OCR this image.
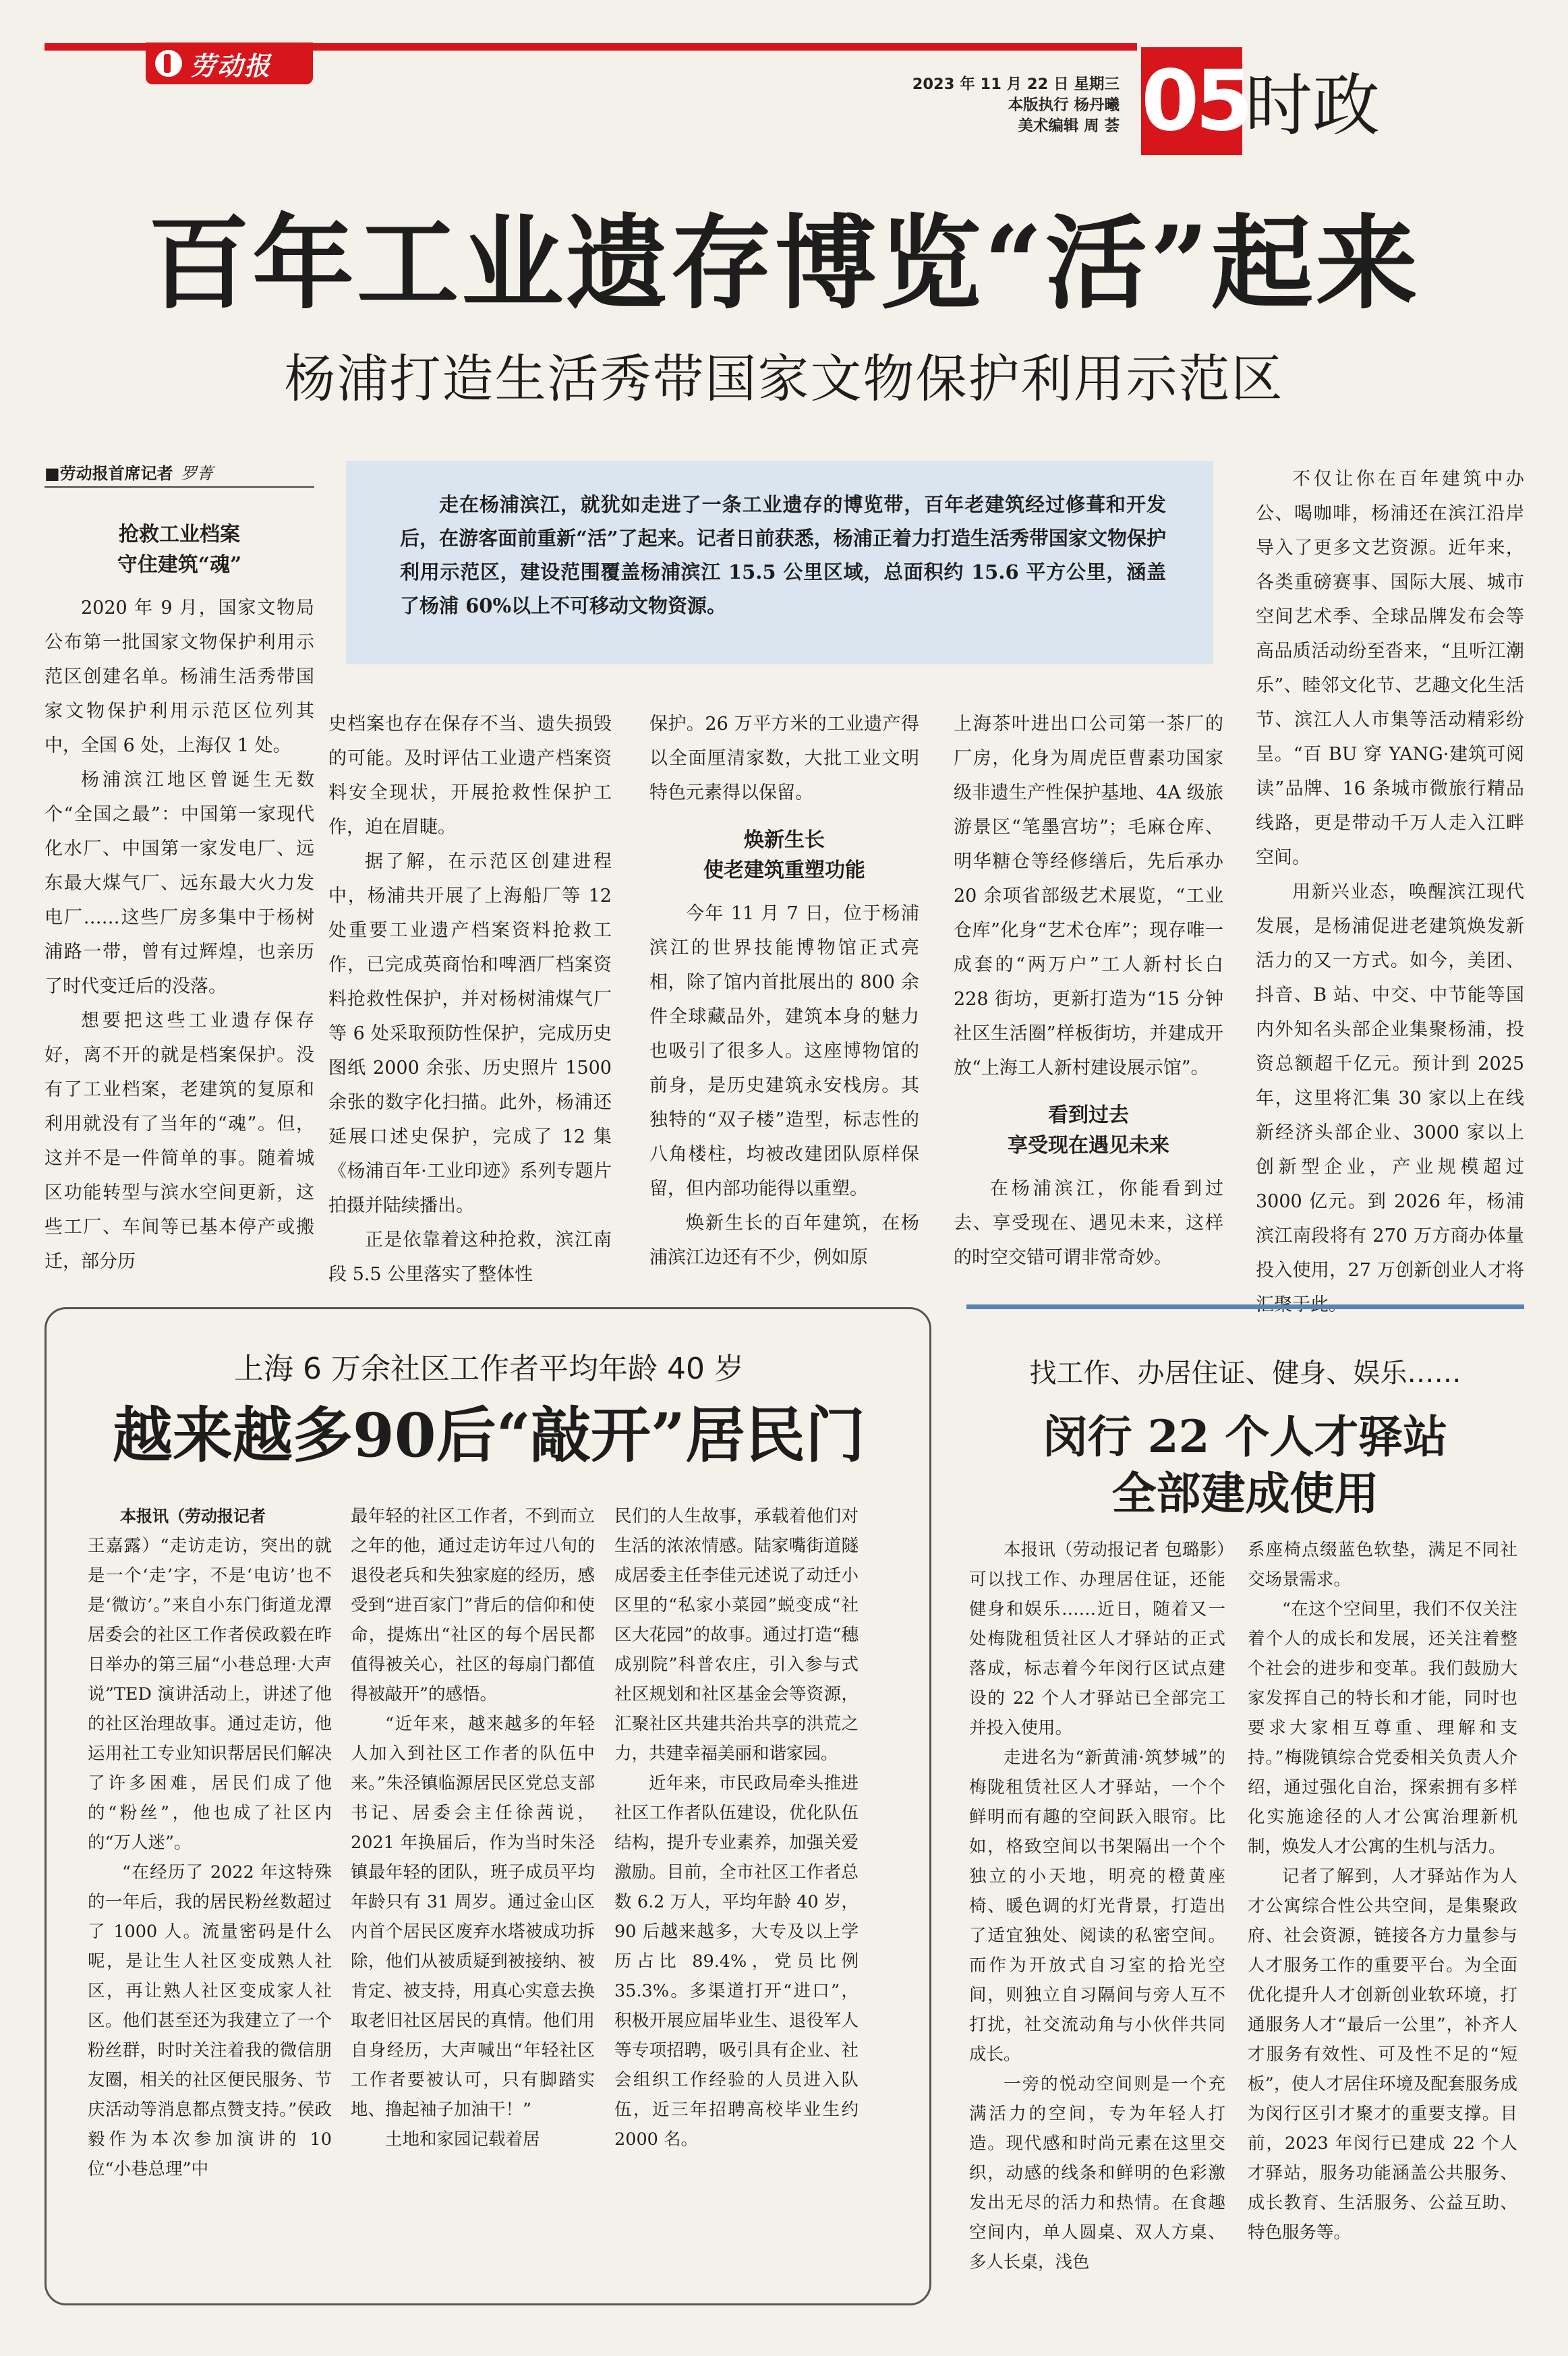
劳动报
2023 年 11 月 22 日 星期三
本版执行 杨丹曦
美术编辑 周 荟 05
时政
百年工业遗存博览“活”起来
杨浦打造生活秀带国家文物保护利用示范区
■劳动报首席记者 罗菁
走在杨浦滨江，就犹如走进了一条工业遗存的博览带，百年老建筑经过修葺和开发后，在游客面前重新“活”了起来。记者日前获悉，杨浦正着力打造生活秀带国家文物保护利用示范区，建设范围覆盖杨浦滨江 15.5 公里区域，总面积约 15.6 平方公里，涵盖了杨浦 60%以上不可移动文物资源。
抢救工业档案
守住建筑“魂”

2020 年 9 月，国家文物局公布第一批国家文物保护利用示范区创建名单。杨浦生活秀带国家文物保护利用示范区位列其中，全国 6 处，上海仅 1 处。

杨浦滨江地区曾诞生无数个“全国之最”：中国第一家现代化水厂、中国第一家发电厂、远东最大煤气厂、远东最大火力发电厂……这些厂房多集中于杨树浦路一带，曾有过辉煌，也亲历了时代变迁后的没落。

想要把这些工业遗存保存好，离不开的就是档案保护。没有了工业档案，老建筑的复原和利用就没有了当年的“魂”。但，这并不是一件简单的事。随着城区功能转型与滨水空间更新，这些工厂、车间等已基本停产或搬迁，部分历

史档案也存在保存不当、遗失损毁的可能。及时评估工业遗产档案资料安全现状，开展抢救性保护工作，迫在眉睫。

据了解，在示范区创建进程中，杨浦共开展了上海船厂等 12 处重要工业遗产档案资料抢救工作，已完成英商怡和啤酒厂档案资料抢救性保护，并对杨树浦煤气厂等 6 处采取预防性保护，完成历史图纸 2000 余张、历史照片 1500 余张的数字化扫描。此外，杨浦还延展口述史保护，完成了 12 集《杨浦百年·工业印迹》系列专题片拍摄并陆续播出。

正是依靠着这种抢救，滨江南段 5.5 公里落实了整体性

保护。26 万平方米的工业遗产得以全面厘清家数，大批工业文明特色元素得以保留。

焕新生长
使老建筑重塑功能

今年 11 月 7 日，位于杨浦滨江的世界技能博物馆正式亮相，除了馆内首批展出的 800 余件全球藏品外，建筑本身的魅力也吸引了很多人。这座博物馆的前身，是历史建筑永安栈房。其独特的“双子楼”造型，标志性的八角楼柱，均被改建团队原样保留，但内部功能得以重塑。

焕新生长的百年建筑，在杨浦滨江边还有不少，例如原

上海茶叶进出口公司第一茶厂的厂房，化身为周虎臣曹素功国家级非遗生产性保护基地、4A 级旅游景区“笔墨宫坊”；毛麻仓库、明华糖仓等经修缮后，先后承办 20 余项省部级艺术展览，“工业仓库”化身“艺术仓库”；现存唯一成套的“两万户”工人新村长白 228 街坊，更新打造为“15 分钟社区生活圈”样板街坊，并建成开放“上海工人新村建设展示馆”。

看到过去
享受现在遇见未来

在杨浦滨江，你能看到过去、享受现在、遇见未来，这样的时空交错可谓非常奇妙。

不仅让你在百年建筑中办公、喝咖啡，杨浦还在滨江沿岸导入了更多文艺资源。近年来，各类重磅赛事、国际大展、城市空间艺术季、全球品牌发布会等高品质活动纷至沓来，“且听江潮乐”、睦邻文化节、艺趣文化生活节、滨江人人市集等活动精彩纷呈。“百 BU 穿 YANG·建筑可阅读”品牌、16 条城市微旅行精品线路，更是带动千万人走入江畔空间。

用新兴业态，唤醒滨江现代发展，是杨浦促进老建筑焕发新活力的又一方式。如今，美团、抖音、B 站、中交、中节能等国内外知名头部企业集聚杨浦，投资总额超千亿元。预计到 2025 年，这里将汇集 30 家以上在线新经济头部企业、3000 家以上创新型企业，产业规模超过 3000 亿元。到 2026 年，杨浦滨江南段将有 270 万方商办体量投入使用，27 万创新创业人才将

上海 6 万余社区工作者平均年龄 40 岁
越来越多90后“敲开”居民门
本报讯（劳动报记者

王嘉露）“走访走访，突出的就是一个‘走’字，不是‘电访’也不是‘微访’。”来自小东门街道龙潭居委会的社区工作者侯政毅在昨日举办的第三届“小巷总理·大声说”TED 演讲活动上，讲述了他的社区治理故事。通过走访，他运用社工专业知识帮居民们解决了许多困难，居民们成了他的“粉丝”，他也成了社区内的“万人迷”。

“在经历了 2022 年这特殊的一年后，我的居民粉丝数超过了 1000 人。流量密码是什么呢，是让生人社区变成熟人社区，再让熟人社区变成家人社区。他们甚至还为我建立了一个粉丝群，时时关注着我的微信朋友圈，相关的社区便民服务、节庆活动等消息都点赞支持。”侯政毅作为本次参加演讲的 10 位“小巷总理”中

最年轻的社区工作者，不到而立之年的他，通过走访年过八旬的退役老兵和失独家庭的经历，感受到“进百家门”背后的信仰和使命，提炼出“社区的每个居民都值得被关心，社区的每扇门都值得被敲开”的感悟。

“近年来，越来越多的年轻人加入到社区工作者的队伍中来。”朱泾镇临源居民区党总支部书记、居委会主任徐茜说，2021 年换届后，作为当时朱泾镇最年轻的团队，班子成员平均年龄只有 31 周岁。通过金山区内首个居民区废弃水塔被成功拆除，他们从被质疑到被接纳、被肯定、被支持，用真心实意去换取老旧社区居民的真情。他们用自身经历，大声喊出“年轻社区工作者要被认可，只有脚踏实地、撸起袖子加油干！”

土地和家园记载着居

民们的人生故事，承载着他们对生活的浓浓情感。陆家嘴街道隧成居委主任李佳元述说了动迁小区里的“私家小菜园”蜕变成“社区大花园”的故事。通过打造“穗成别院”科普农庄，引入参与式社区规划和社区基金会等资源，汇聚社区共建共治共享的洪荒之力，共建幸福美丽和谐家园。

近年来，市民政局牵头推进社区工作者队伍建设，优化队伍结构，提升专业素养，加强关爱激励。目前，全市社区工作者总数 6.2 万人，平均年龄 40 岁，90 后越来越多，大专及以上学历占比 89.4%，党员比例 35.3%。多渠道打开“进口”，积极开展应届毕业生、退役军人等专项招聘，吸引具有企业、社会组织工作经验的人员进入队伍，近三年招聘高校毕业生约 2000 名。

找工作、办居住证、健身、娱乐……
闵行 22 个人才驿站
全部建成使用

本报讯（劳动报记者 包璐影）可以找工作、办理居住证，还能健身和娱乐……近日，随着又一处梅陇租赁社区人才驿站的正式落成，标志着今年闵行区试点建设的 22 个人才驿站已全部完工并投入使用。

走进名为“新黄浦·筑梦城”的梅陇租赁社区人才驿站，一个个鲜明而有趣的空间跃入眼帘。比如，格致空间以书架隔出一个个独立的小天地，明亮的橙黄座椅、暖色调的灯光背景，打造出了适宜独处、阅读的私密空间。而作为开放式自习室的拾光空间，则独立自习隔间与旁人互不打扰，社交流动角与小伙伴共同成长。

一旁的悦动空间则是一个充满活力的空间，专为年轻人打造。现代感和时尚元素在这里交织，动感的线条和鲜明的色彩激发出无尽的活力和热情。在食趣空间内，单人圆桌、双人方桌、多人长桌，浅色

系座椅点缀蓝色软垫，满足不同社交场景需求。

“在这个空间里，我们不仅关注着个人的成长和发展，还关注着整个社会的进步和变革。我们鼓励大家发挥自己的特长和才能，同时也要求大家相互尊重、理解和支持。”梅陇镇综合党委相关负责人介绍，通过强化自治，探索拥有多样化实施途径的人才公寓治理新机制，焕发人才公寓的生机与活力。

记者了解到，人才驿站作为人才公寓综合性公共空间，是集聚政府、社会资源，链接各方力量参与人才服务工作的重要平台。为全面优化提升人才创新创业软环境，打通服务人才“最后一公里”，补齐人才服务有效性、可及性不足的“短板”，使人才居住环境及配套服务成为闵行区引才聚才的重要支撑。目前，2023 年闵行已建成 22 个人才驿站，服务功能涵盖公共服务、成长教育、生活服务、公益互助、特色服务等。
